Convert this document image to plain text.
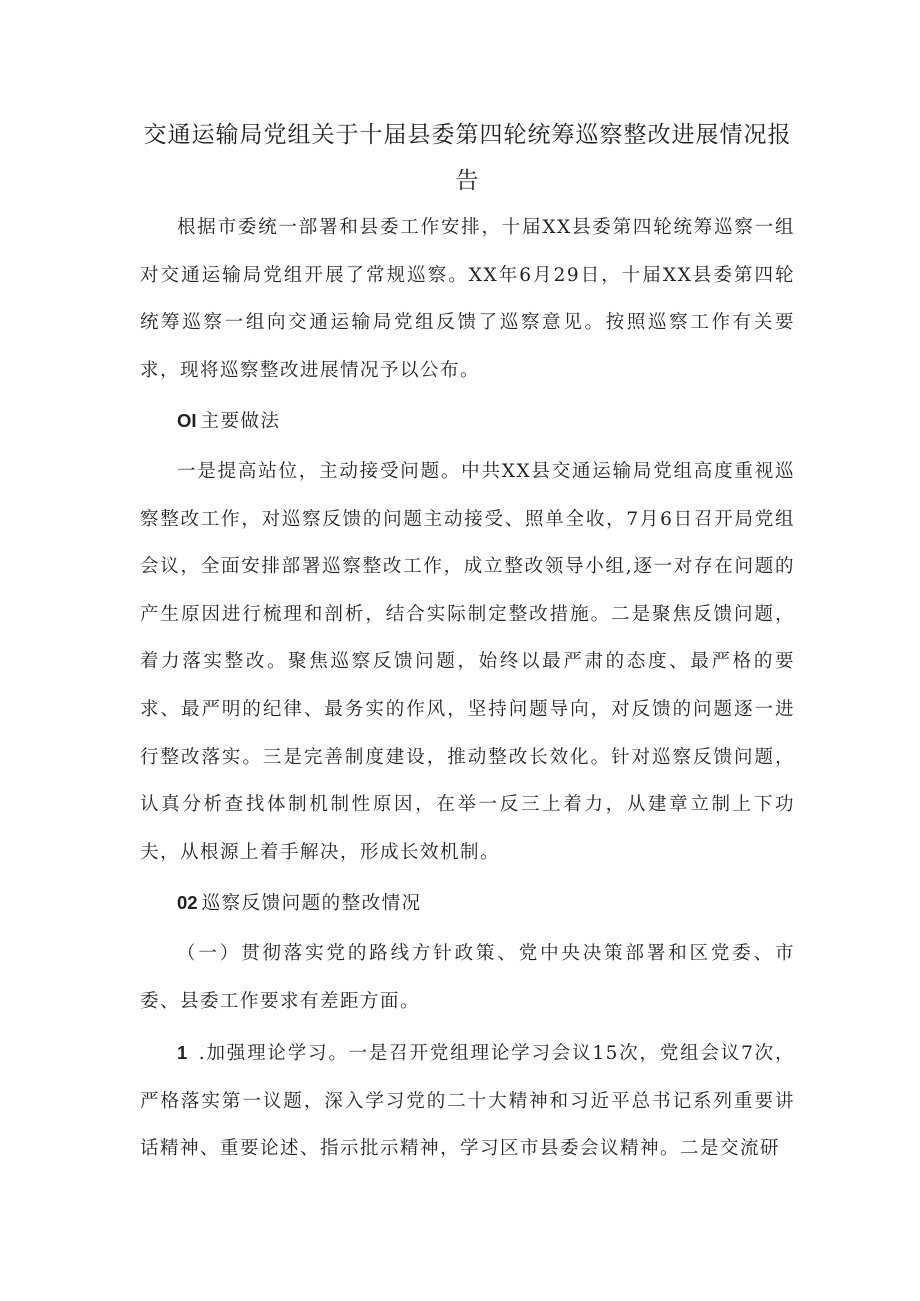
交通运输局党组关于十届县委第四轮统筹巡察整改进展情况报告

根据市委统一部署和县委工作安排，十届XX县委第四轮统筹巡察一组对交通运输局党组开展了常规巡察。XX年6月29日，十届XX县委第四轮统筹巡察一组向交通运输局党组反馈了巡察意见。按照巡察工作有关要求，现将巡察整改进展情况予以公布。

OI 主要做法

一是提高站位，主动接受问题。中共XX县交通运输局党组高度重视巡察整改工作，对巡察反馈的问题主动接受、照单全收，7月6日召开局党组会议，全面安排部署巡察整改工作，成立整改领导小组,逐一对存在问题的产生原因进行梳理和剖析，结合实际制定整改措施。二是聚焦反馈问题，着力落实整改。聚焦巡察反馈问题，始终以最严肃的态度、最严格的要求、最严明的纪律、最务实的作风，坚持问题导向，对反馈的问题逐一进行整改落实。三是完善制度建设，推动整改长效化。针对巡察反馈问题，认真分析查找体制机制性原因，在举一反三上着力，从建章立制上下功夫，从根源上着手解决，形成长效机制。

02 巡察反馈问题的整改情况

（一）贯彻落实党的路线方针政策、党中央决策部署和区党委、市委、县委工作要求有差距方面。

1 .加强理论学习。一是召开党组理论学习会议15次，党组会议7次，严格落实第一议题，深入学习党的二十大精神和习近平总书记系列重要讲话精神、重要论述、指示批示精神，学习区市县委会议精神。二是交流研
